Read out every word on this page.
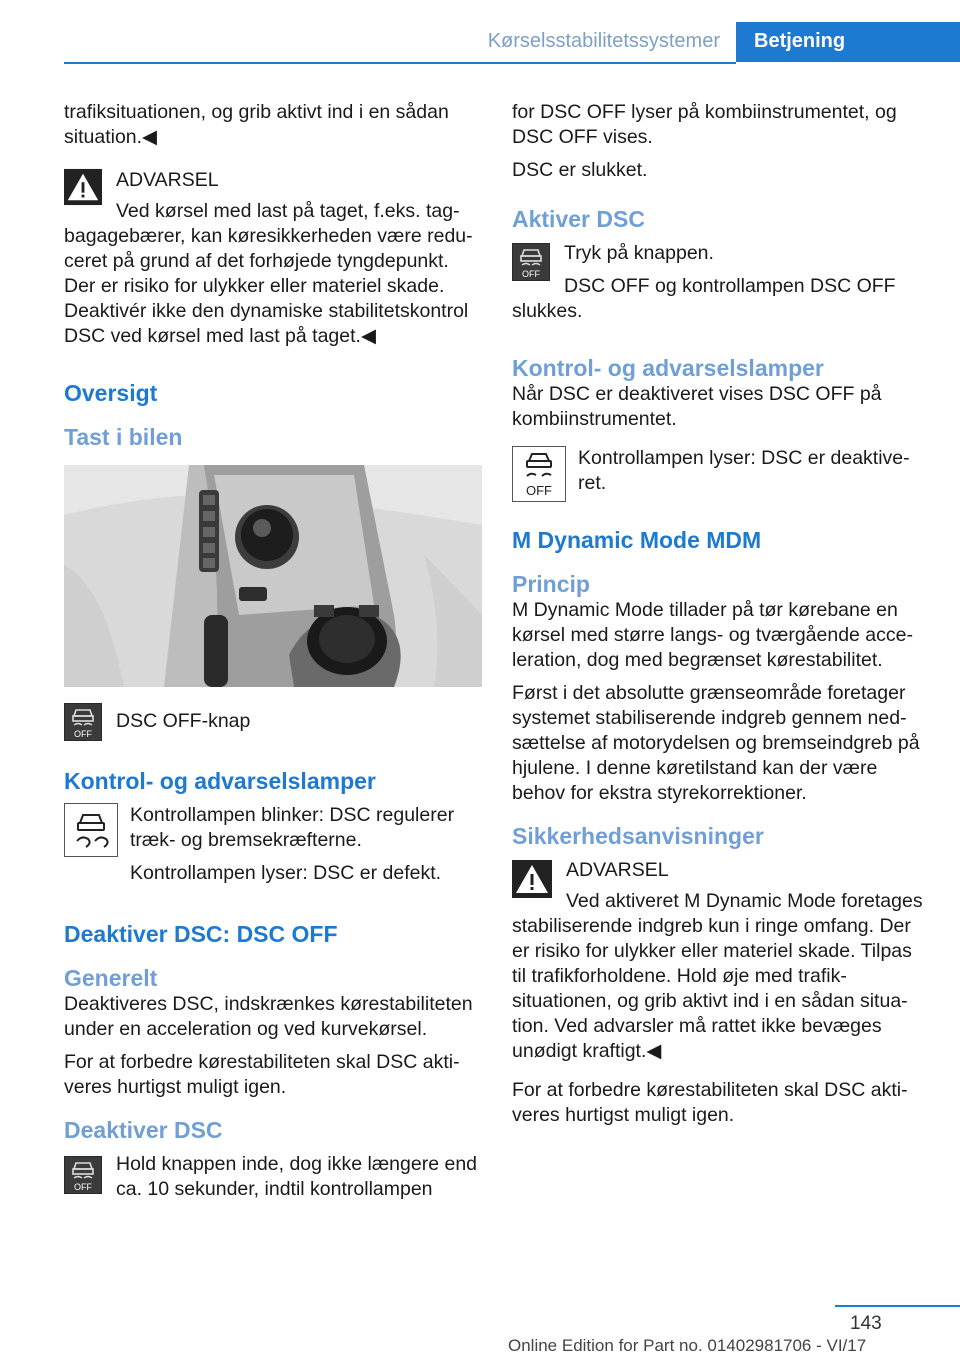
Kørselsstabilitetssystemer	Betjening

trafiksituationen, og grib aktivt ind i en sådan situation.◀

ADVARSEL
Ved kørsel med last på taget, f.eks. tagbagagebærer, kan køresikkerheden være reduceret på grund af det forhøjede tyngdepunkt. Der er risiko for ulykker eller materiel skade. Deaktivér ikke den dynamiske stabilitetskontrol DSC ved kørsel med last på taget.◀
Oversigt
Tast i bilen
OFF
DSC OFF-knap
Kontrol- og advarselslamper

Kontrollampen blinker: DSC regulerer træk- og bremsekræfterne.

Kontrollampen lyser: DSC er defekt.

Deaktiver DSC: DSC OFF
Generelt

Deaktiveres DSC, indskrænkes kørestabiliteten under en acceleration og ved kurvekørsel.

For at forbedre kørestabiliteten skal DSC aktiveres hurtigst muligt igen.

Deaktiver DSC
OFF
Hold knappen inde, dog ikke længere end ca. 10 sekunder, indtil kontrollampen

for DSC OFF lyser på kombiinstrumentet, og DSC OFF vises.

DSC er slukket.

Aktiver DSC
OFF

Tryk på knappen.

DSC OFF og kontrollampen DSC OFF slukkes.

Kontrol- og advarselslamper

Når DSC er deaktiveret vises DSC OFF på kombiinstrumentet.

OFF
Kontrollampen lyser: DSC er deaktiveret.
M Dynamic Mode MDM
Princip

M Dynamic Mode tillader på tør kørebane en kørsel med større langs- og tværgående acceleration, dog med begrænset kørestabilitet.

Først i det absolutte grænseområde foretager systemet stabiliserende indgreb gennem nedsættelse af motorydelsen og bremseindgreb på hjulene. I denne køretilstand kan der være behov for ekstra styrekorrektioner.

Sikkerhedsanvisninger
ADVARSEL
Ved aktiveret M Dynamic Mode foretages stabiliserende indgreb kun i ringe omfang. Der er risiko for ulykker eller materiel skade. Tilpas til trafikforholdene. Hold øje med trafiksituationen, og grib aktivt ind i en sådan situation. Ved advarsler må rattet ikke bevæges unødigt kraftigt.◀

For at forbedre kørestabiliteten skal DSC aktiveres hurtigst muligt igen.

143
Online Edition for Part no. 01402981706 - VI/17
